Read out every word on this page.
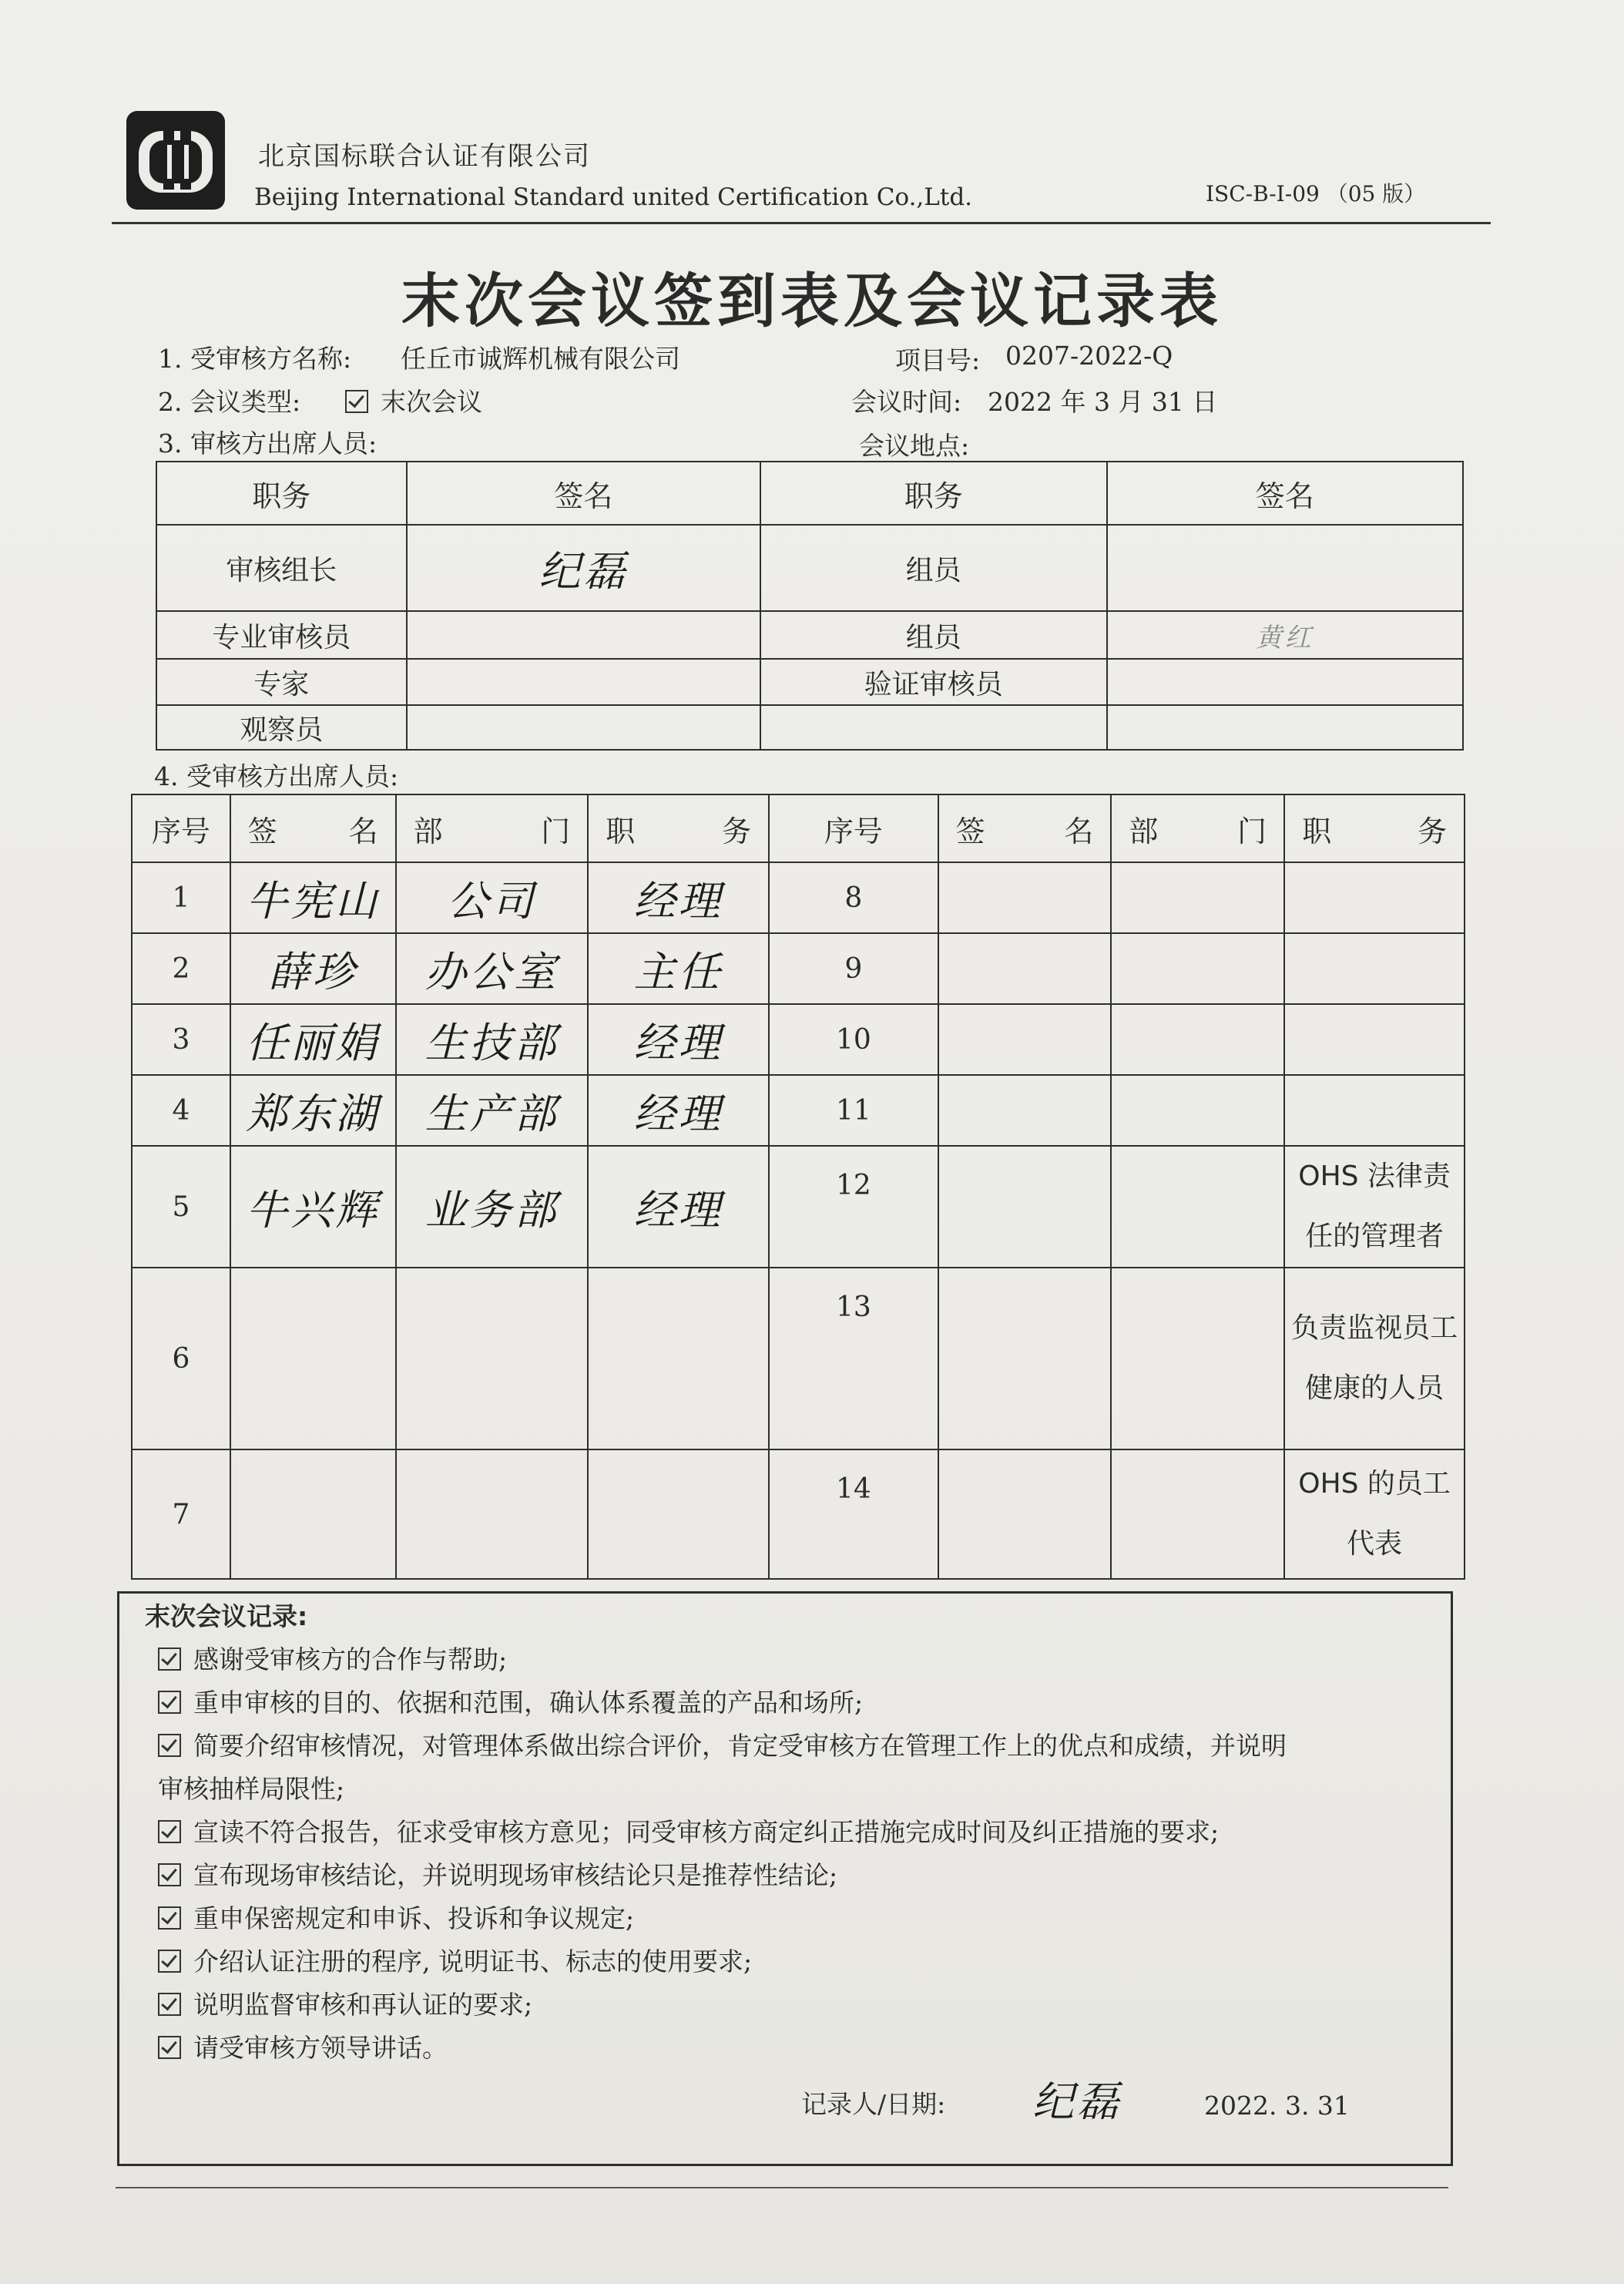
北京国标联合认证有限公司
Beijing International Standard united Certification Co.,Ltd.	ISC-B-I-09 （05 版）
末次会议签到表及会议记录表
1. 受审核方名称: 任丘市诚辉机械有限公司	项目号: 0207-2022-Q
2. 会议类型:	末次会议	会议时间: 2022 年 3 月 31 日
3. 审核方出席人员:	会议地点:
职务	签名	职务	签名
审核组长	纪磊	组员	
专业审核员		组员	黄红
专家		验证审核员	
观察员			
4. 受审核方出席人员:
序号	签 名	部 门	职 务	序号	签 名	部 门	职 务

1	牛宪山	公司	经理	8			
2	薛珍	办公室	主任	9			
3	任丽娟	生技部	经理	10			
4	郑东湖	生产部	经理	11			
5	牛兴辉	业务部	经理	12			OHS 法律责任的管理者
6				13			负责监视员工健康的人员
7				14			OHS 的员工代表
末次会议记录:
感谢受审核方的合作与帮助;
重申审核的目的、依据和范围，确认体系覆盖的产品和场所;
简要介绍审核情况，对管理体系做出综合评价，肯定受审核方在管理工作上的优点和成绩，并说明
审核抽样局限性;
宣读不符合报告，征求受审核方意见；同受审核方商定纠正措施完成时间及纠正措施的要求;
宣布现场审核结论，并说明现场审核结论只是推荐性结论;
重申保密规定和申诉、投诉和争议规定;
介绍认证注册的程序, 说明证书、标志的使用要求;
说明监督审核和再认证的要求;
请受审核方领导讲话。
记录人/日期: 纪磊	2022. 3. 31
